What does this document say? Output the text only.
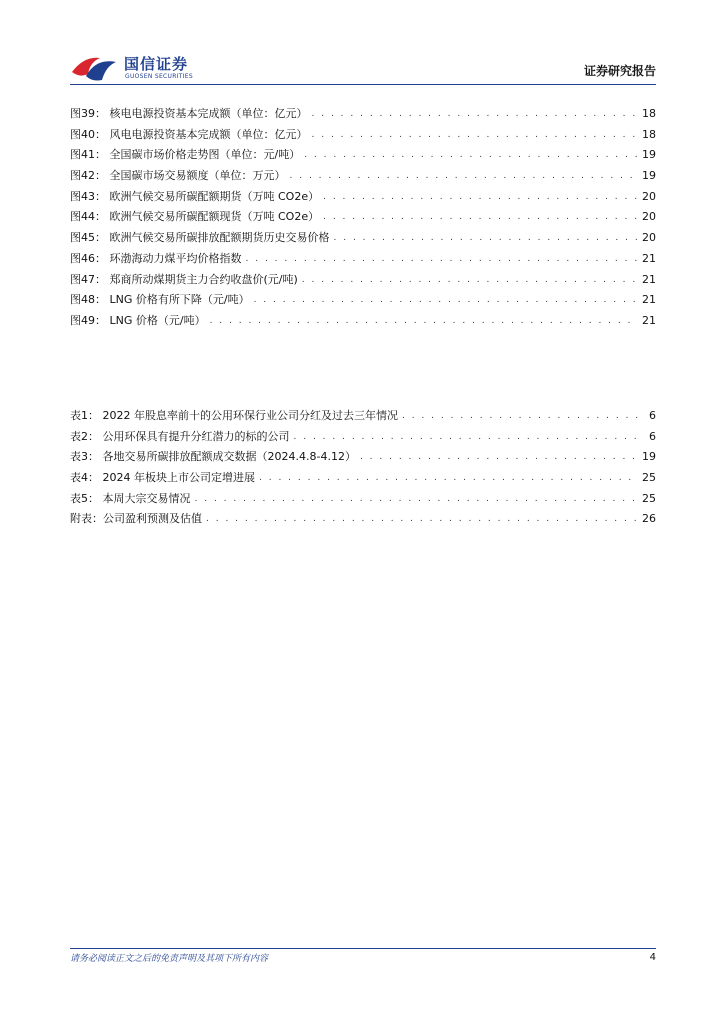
国信证券
GUOSEN SECURITIES	证券研究报告
图39： 核电电源投资基本完成额（单位：亿元） . . .	18
图40： 风电电源投资基本完成额（单位：亿元） . . .	18
图41： 全国碳市场价格走势图（单位：元/吨） . . .	19
图42： 全国碳市场交易额度（单位：万元） . . .	19
图43： 欧洲气候交易所碳配额期货（万吨 CO2e） . . .	20
图44： 欧洲气候交易所碳配额现货（万吨 CO2e） . . .	20
图45： 欧洲气候交易所碳排放配额期货历史交易价格 . . .	20
图46： 环渤海动力煤平均价格指数 . . .	21
图47： 郑商所动煤期货主力合约收盘价(元/吨) . . .	21
图48： LNG 价格有所下降（元/吨） . . .	21
图49： LNG 价格（元/吨） . . .	21
表1： 2022 年股息率前十的公用环保行业公司分红及过去三年情况 . . .	6
表2： 公用环保具有提升分红潜力的标的公司 . . .	6
表3： 各地交易所碳排放配额成交数据（2024.4.8-4.12） . . .	19
表4： 2024 年板块上市公司定增进展 . . .	25
表5： 本周大宗交易情况 . . .	25
附表：公司盈利预测及估值 . . .	26
请务必阅读正文之后的免责声明及其项下所有内容	4
